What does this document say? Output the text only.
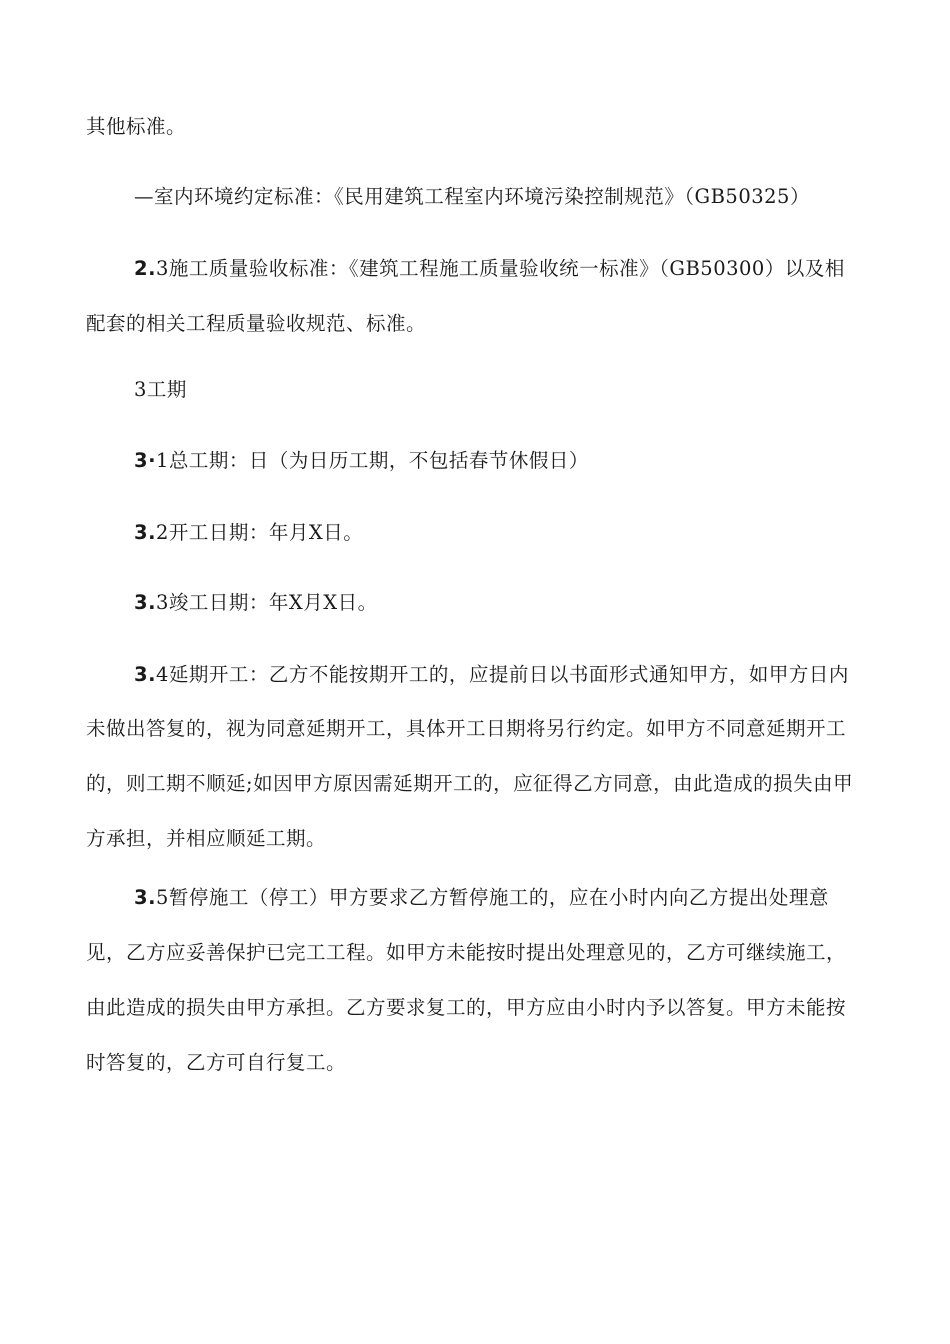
其他标准。

—室内环境约定标准：《民用建筑工程室内环境污染控制规范》（GB50325）

2.3施工质量验收标准：《建筑工程施工质量验收统一标准》（GB50300）以及相

配套的相关工程质量验收规范、标准。

3工期

3·1总工期：日（为日历工期，不包括春节休假日）

3.2开工日期：年月X日。

3.3竣工日期：年X月X日。

3.4延期开工：乙方不能按期开工的，应提前日以书面形式通知甲方，如甲方日内

未做出答复的，视为同意延期开工，具体开工日期将另行约定。如甲方不同意延期开工

的，则工期不顺延;如因甲方原因需延期开工的，应征得乙方同意，由此造成的损失由甲

方承担，并相应顺延工期。

3.5暂停施工（停工）甲方要求乙方暂停施工的，应在小时内向乙方提出处理意

见，乙方应妥善保护已完工工程。如甲方未能按时提出处理意见的，乙方可继续施工，

由此造成的损失由甲方承担。乙方要求复工的，甲方应由小时内予以答复。甲方未能按

时答复的，乙方可自行复工。
